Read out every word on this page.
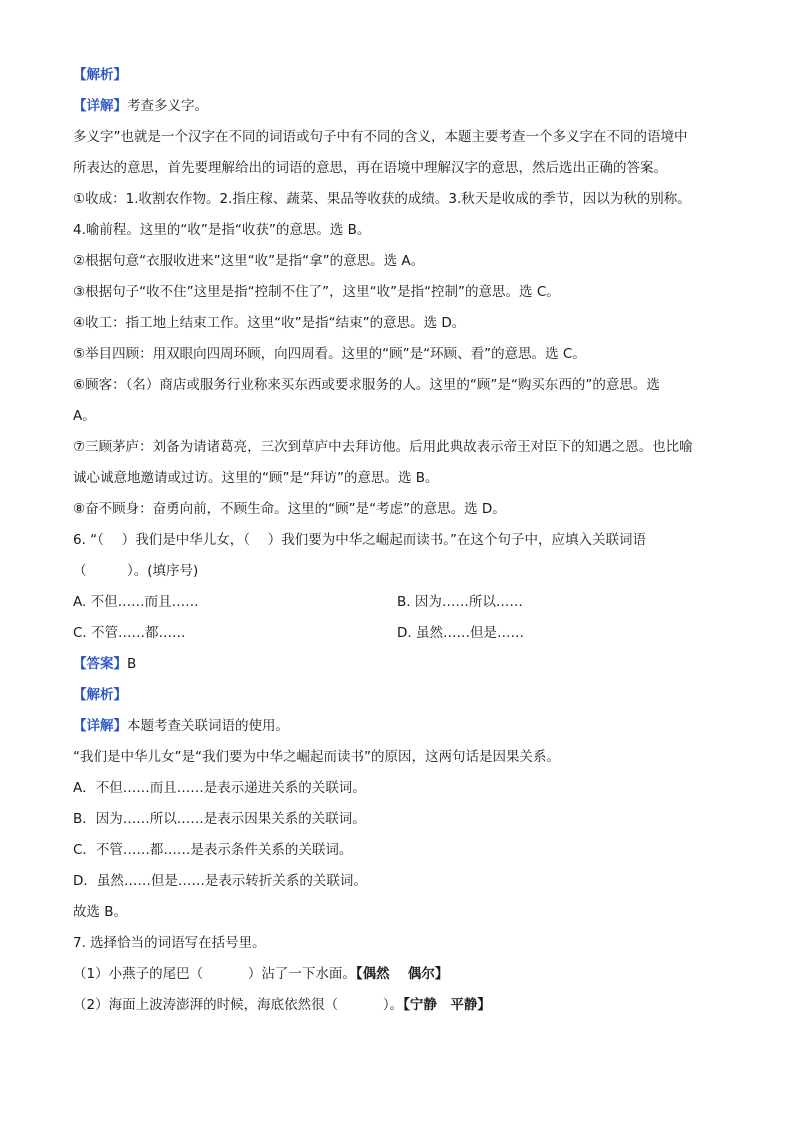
【解析】
【详解】考查多义字。
多义字”也就是一个汉字在不同的词语或句子中有不同的含义，本题主要考查一个多义字在不同的语境中
所表达的意思，首先要理解给出的词语的意思，再在语境中理解汉字的意思，然后选出正确的答案。
①收成：1.收割农作物。2.指庄稼、蔬菜、果品等收获的成绩。3.秋天是收成的季节，因以为秋的别称。
4.喻前程。这里的“收”是指“收获”的意思。选 B。
②根据句意“衣服收进来”这里“收”是指“拿”的意思。选 A。
③根据句子“收不住”这里是指“控制不住了”，这里“收”是指“控制”的意思。选 C。
④收工：指工地上结束工作。这里“收”是指“结束”的意思。选 D。
⑤举目四顾：用双眼向四周环顾，向四周看。这里的“顾”是“环顾、看”的意思。选 C。
⑥顾客：（名）商店或服务行业称来买东西或要求服务的人。这里的“顾”是“购买东西的”的意思。选
A。
⑦三顾茅庐：刘备为请诸葛亮，三次到草庐中去拜访他。后用此典故表示帝王对臣下的知遇之恩。也比喻
诚心诚意地邀请或过访。这里的“顾”是“拜访”的意思。选 B。
⑧奋不顾身：奋勇向前，不顾生命。这里的“顾”是“考虑”的意思。选 D。
6. “（　 ）我们是中华儿女，（　 ）我们要为中华之崛起而读书。”在这个句子中，应填入关联词语
（　　　）。(填序号)
A. 不但……而且……	B. 因为……所以……
C. 不管……都……	D. 虽然……但是……
【答案】B
【解析】
【详解】本题考查关联词语的使用。
“我们是中华儿女”是“我们要为中华之崛起而读书”的原因，这两句话是因果关系。
A．不但……而且……是表示递进关系的关联词。
B．因为……所以……是表示因果关系的关联词。
C．不管……都……是表示条件关系的关联词。
D．虽然……但是……是表示转折关系的关联词。
故选 B。
7. 选择恰当的词语写在括号里。
（1）小燕子的尾巴（　　　 ）沾了一下水面。【偶然　 偶尔】
（2）海面上波涛澎湃的时候，海底依然很（　　　 ）。【宁静　平静】
